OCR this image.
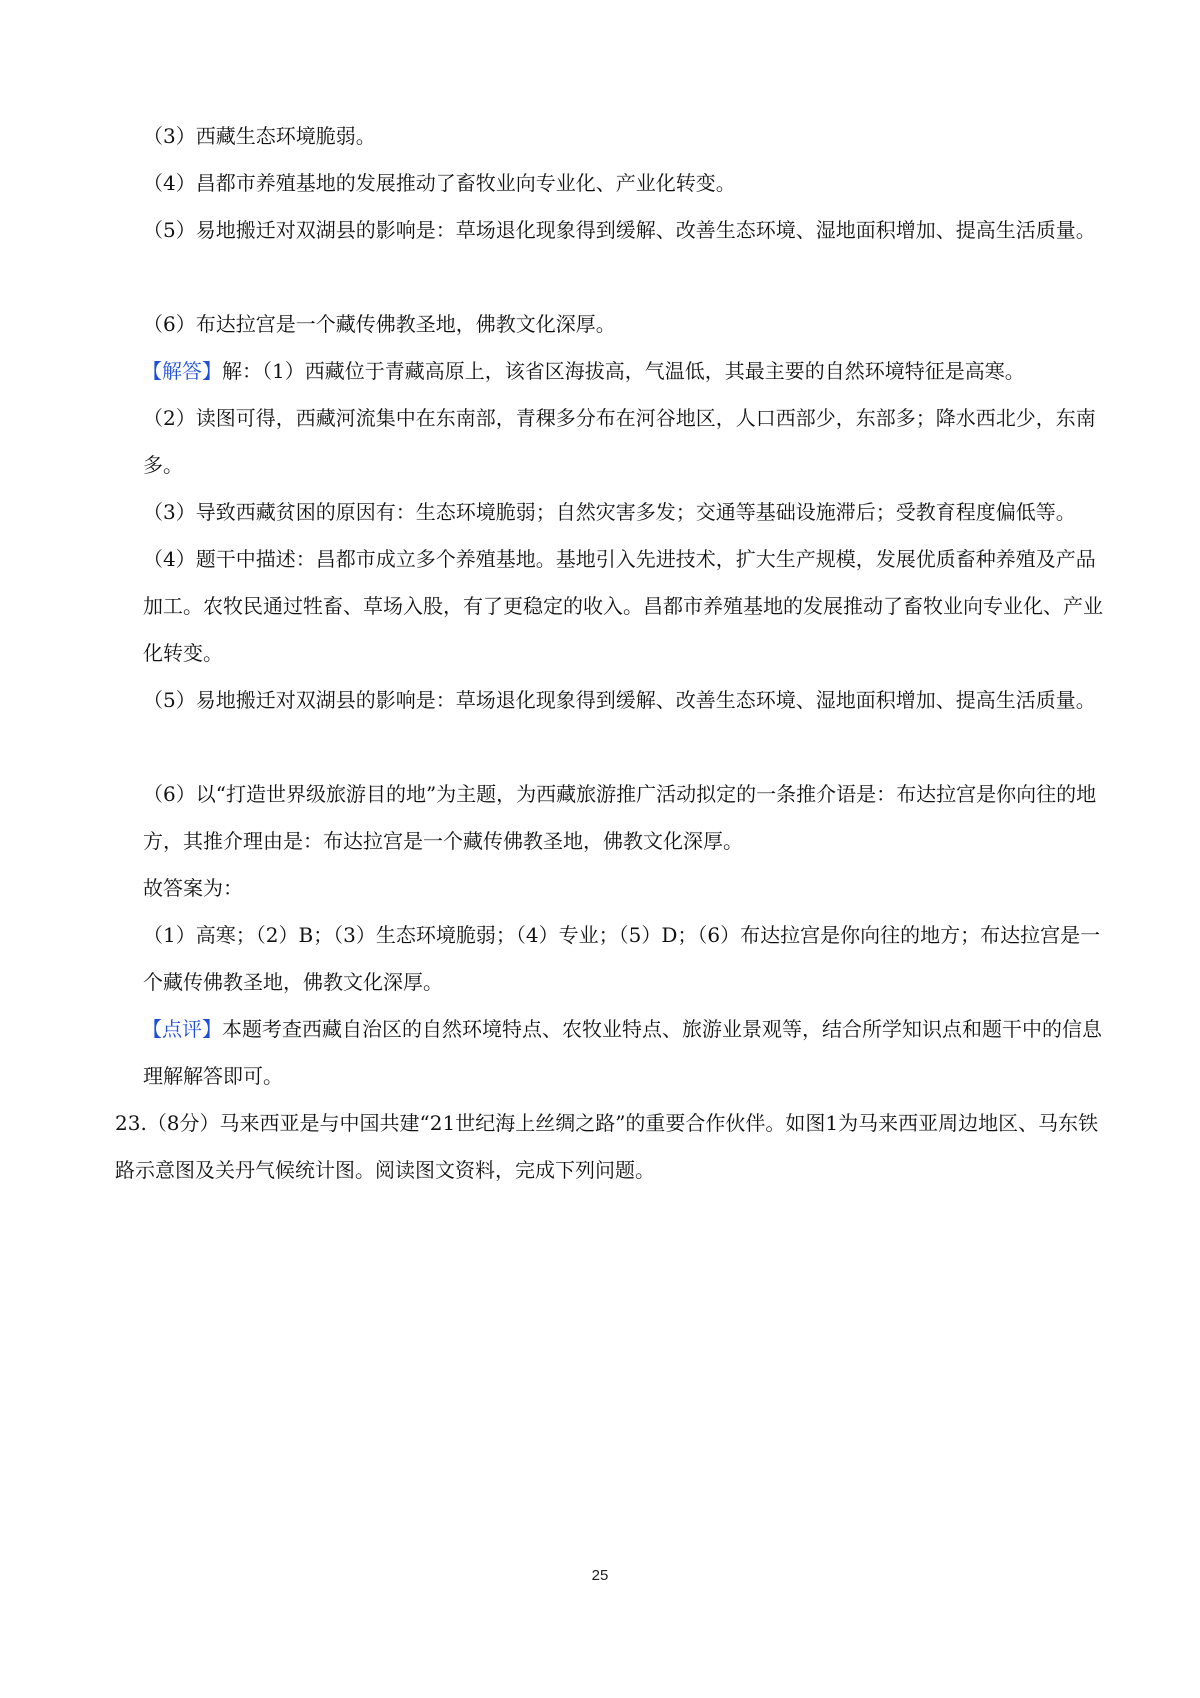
（3）西藏生态环境脆弱。

（4）昌都市养殖基地的发展推动了畜牧业向专业化、产业化转变。

（5）易地搬迁对双湖县的影响是：草场退化现象得到缓解、改善生态环境、湿地面积增加、提高生活质量。

（6）布达拉宫是一个藏传佛教圣地，佛教文化深厚。

【解答】解：（1）西藏位于青藏高原上，该省区海拔高，气温低，其最主要的自然环境特征是高寒。

（2）读图可得，西藏河流集中在东南部，青稞多分布在河谷地区，人口西部少，东部多；降水西北少，东南多。

（3）导致西藏贫困的原因有：生态环境脆弱；自然灾害多发；交通等基础设施滞后；受教育程度偏低等。

（4）题干中描述：昌都市成立多个养殖基地。基地引入先进技术，扩大生产规模，发展优质畜种养殖及产品加工。农牧民通过牲畜、草场入股，有了更稳定的收入。昌都市养殖基地的发展推动了畜牧业向专业化、产业化转变。

（5）易地搬迁对双湖县的影响是：草场退化现象得到缓解、改善生态环境、湿地面积增加、提高生活质量。

（6）以“打造世界级旅游目的地”为主题，为西藏旅游推广活动拟定的一条推介语是：布达拉宫是你向往的地方，其推介理由是：布达拉宫是一个藏传佛教圣地，佛教文化深厚。

故答案为：

（1）高寒；（2）B；（3）生态环境脆弱；（4）专业；（5）D；（6）布达拉宫是你向往的地方；布达拉宫是一个藏传佛教圣地，佛教文化深厚。

【点评】本题考查西藏自治区的自然环境特点、农牧业特点、旅游业景观等，结合所学知识点和题干中的信息理解解答即可。

23.（8分）马来西亚是与中国共建“21世纪海上丝绸之路”的重要合作伙伴。如图1为马来西亚周边地区、马东铁路示意图及关丹气候统计图。阅读图文资料，完成下列问题。

25
